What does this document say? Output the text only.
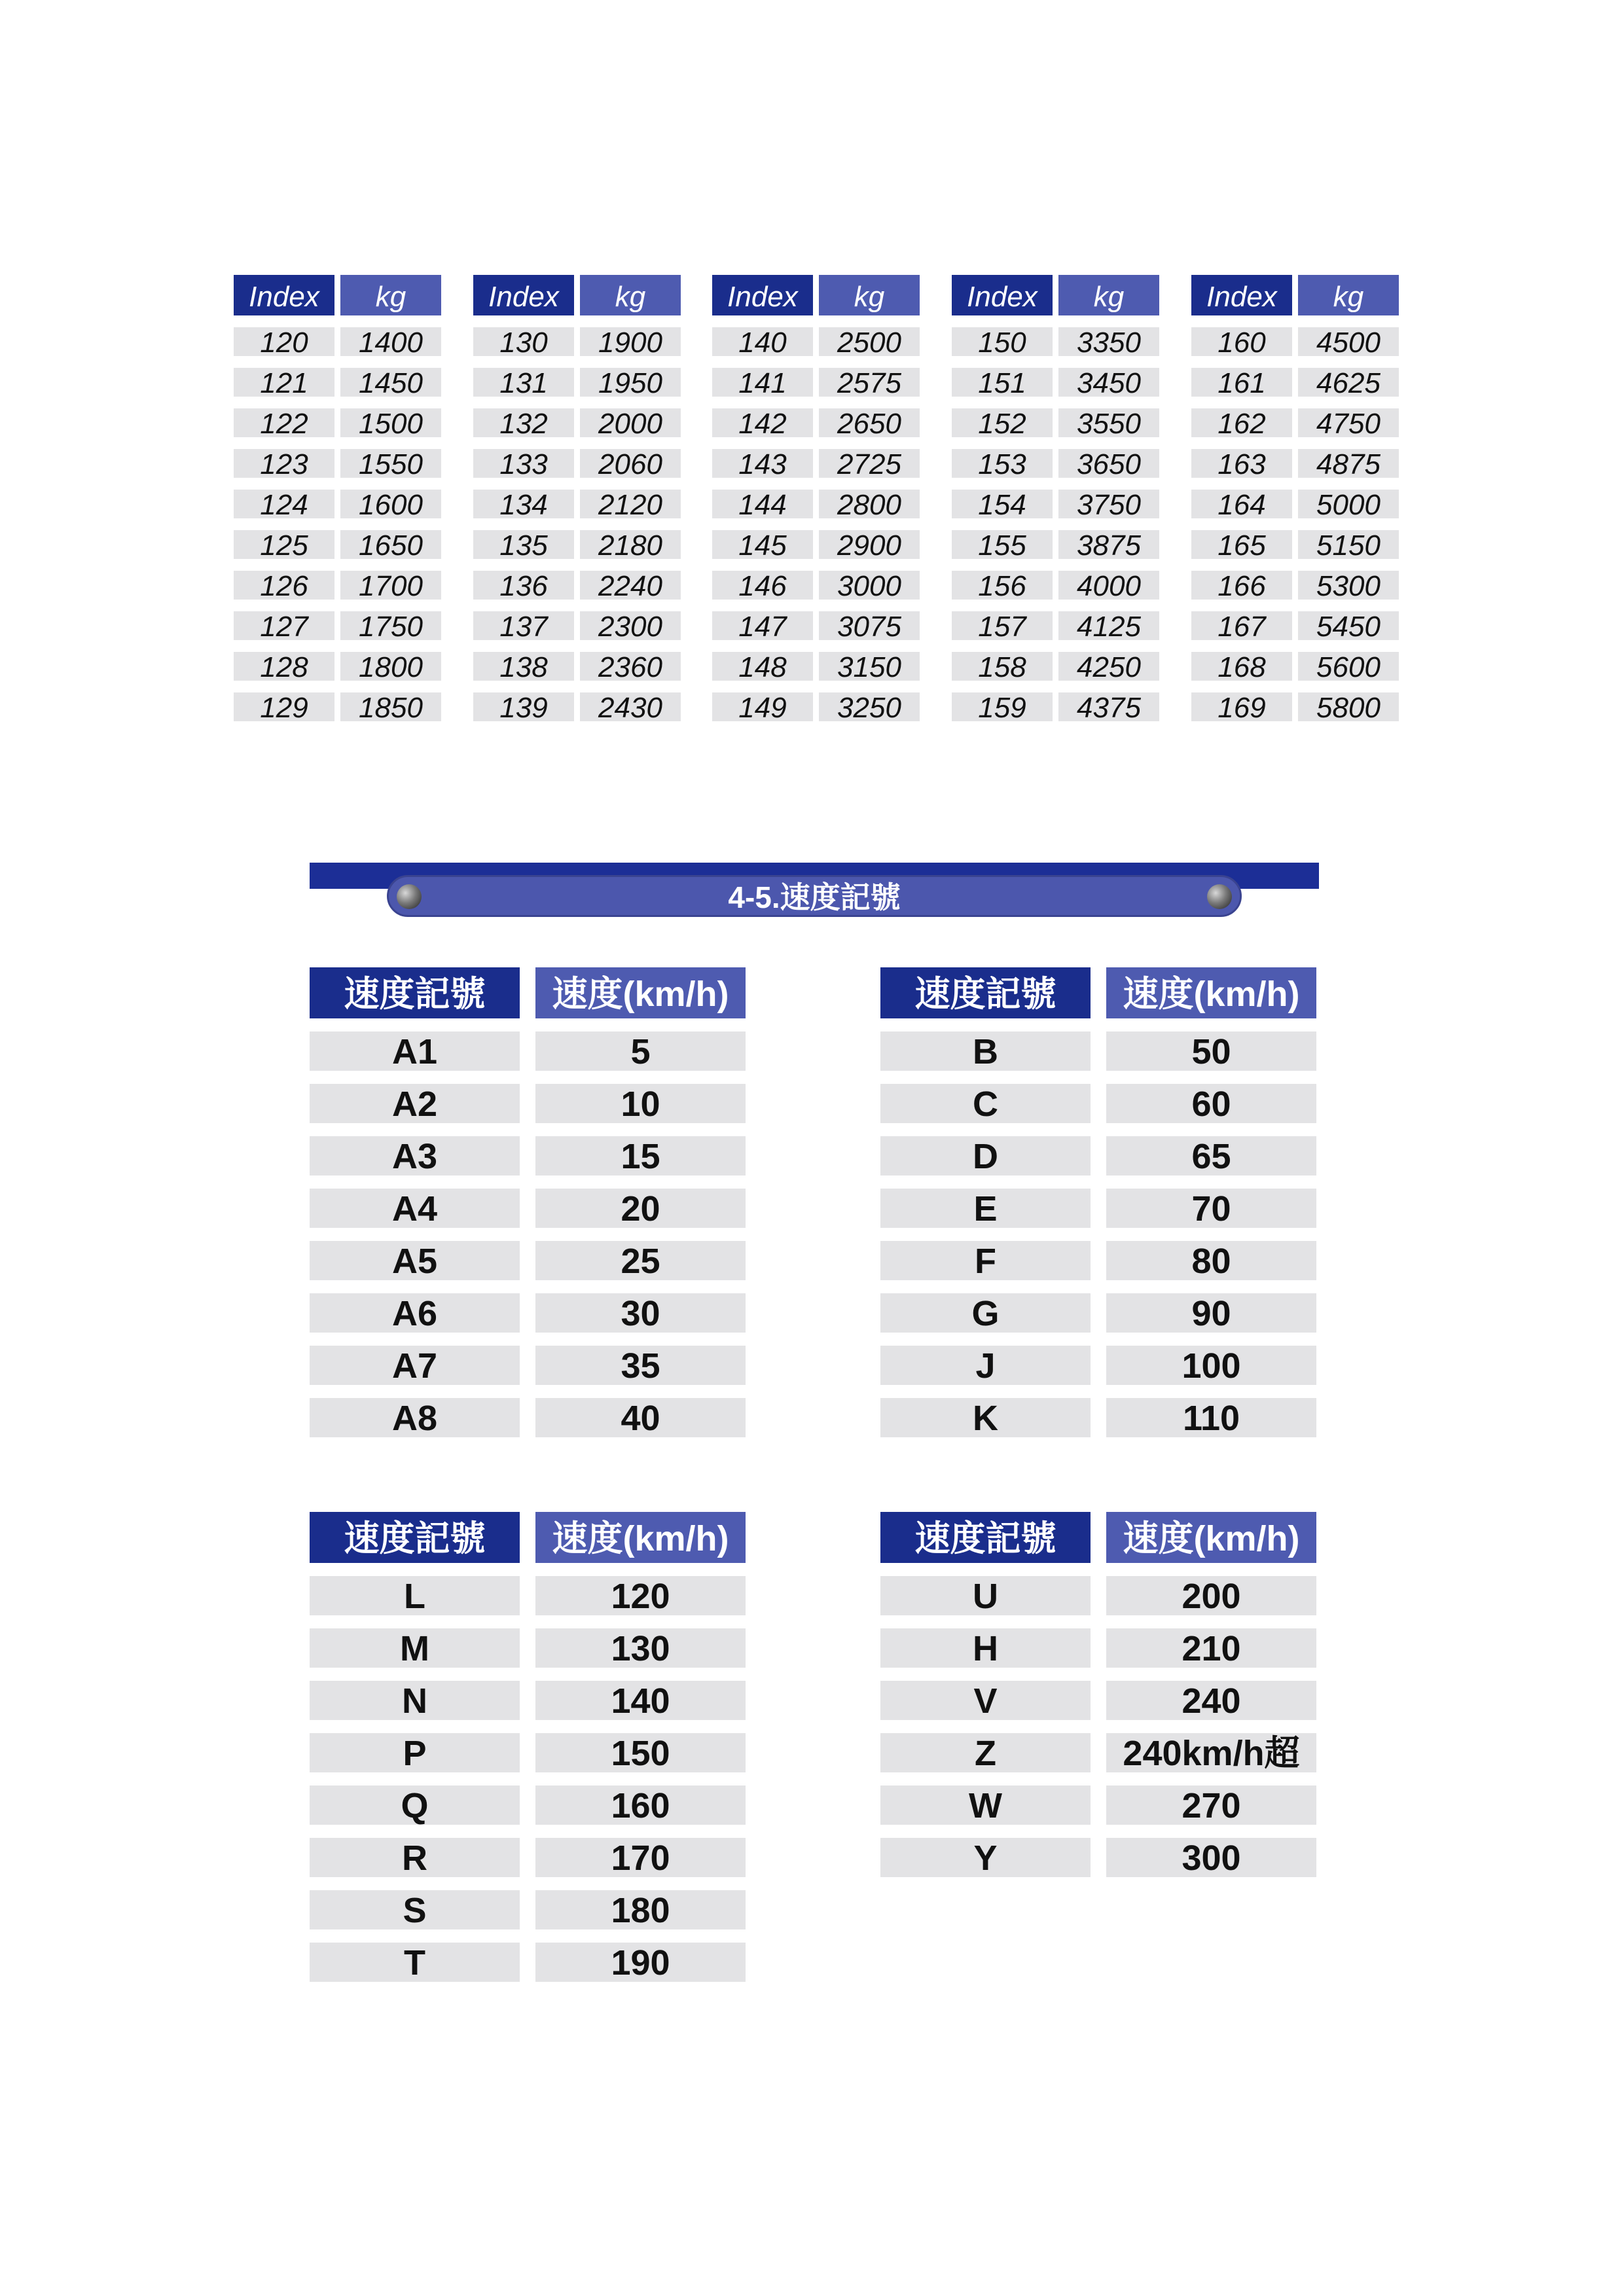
Index	kg
120	1400
121	1450
122	1500
123	1550
124	1600
125	1650
126	1700
127	1750
128	1800
129	1850
Index	kg
130	1900
131	1950
132	2000
133	2060
134	2120
135	2180
136	2240
137	2300
138	2360
139	2430
Index	kg
140	2500
141	2575
142	2650
143	2725
144	2800
145	2900
146	3000
147	3075
148	3150
149	3250
Index	kg
150	3350
151	3450
152	3550
153	3650
154	3750
155	3875
156	4000
157	4125
158	4250
159	4375
Index	kg
160	4500
161	4625
162	4750
163	4875
164	5000
165	5150
166	5300
167	5450
168	5600
169	5800
4-5.速度記號
速度記號	速度(km/h)
A1	5
A2	10
A3	15
A4	20
A5	25
A6	30
A7	35
A8	40
速度記號	速度(km/h)
B	50
C	60
D	65
E	70
F	80
G	90
J	100
K	110
速度記號	速度(km/h)
L	120
M	130
N	140
P	150
Q	160
R	170
S	180
T	190
速度記號	速度(km/h)
U	200
H	210
V	240
Z	240km/h超
W	270
Y	300
